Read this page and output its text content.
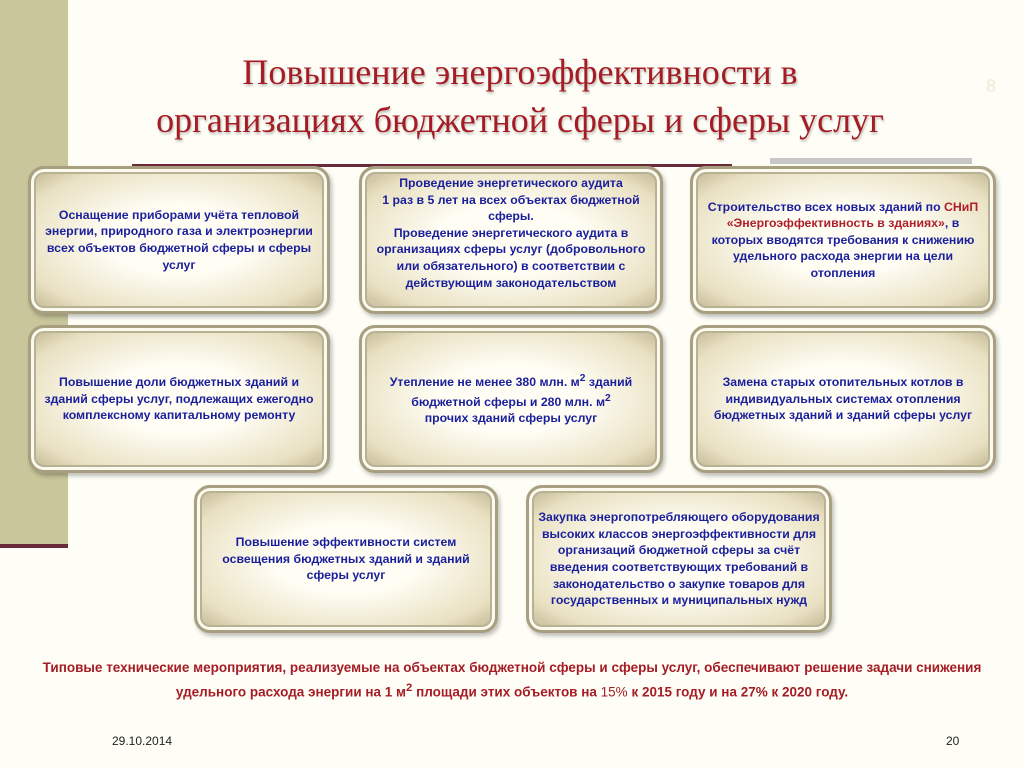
Повышение энергоэффективности в
организациях бюджетной сферы и сферы услуг
8

Оснащение приборами учёта тепловой энергии, природного газа и электроэнергии всех объектов бюджетной сферы и сферы услуг

Проведение энергетического аудита
1 раз в 5 лет на всех объектах бюджетной сферы.
Проведение энергетического аудита в организациях сферы услуг (добровольного или обязательного) в соответствии с действующим законодательством

Строительство всех новых зданий по СНиП «Энергоэффективность в зданиях», в которых вводятся требования к снижению удельного расхода энергии на цели отопления

Повышение доли бюджетных зданий и зданий сферы услуг, подлежащих ежегодно комплексному капитальному ремонту

Утепление не менее 380 млн. $м^2$ зданий бюджетной сферы и 280 млн. $м^2$
прочих зданий сферы услуг

Замена старых отопительных котлов в индивидуальных системах отопления бюджетных зданий и зданий сферы услуг

Повышение эффективности систем освещения бюджетных зданий и зданий сферы услуг

Закупка энергопотребляющего оборудования высоких классов энергоэффективности для организаций бюджетной сферы за счёт введения соответствующих требований в законодательство о закупке товаров для государственных и муниципальных нужд

Типовые технические мероприятия, реализуемые на объектах бюджетной сферы и сферы услуг, обеспечивают решение задачи снижения удельного расхода энергии на 1 $м^2$ площади этих объектов на 15% к 2015 году и на 27% к 2020 году.

29.10.2014	20
